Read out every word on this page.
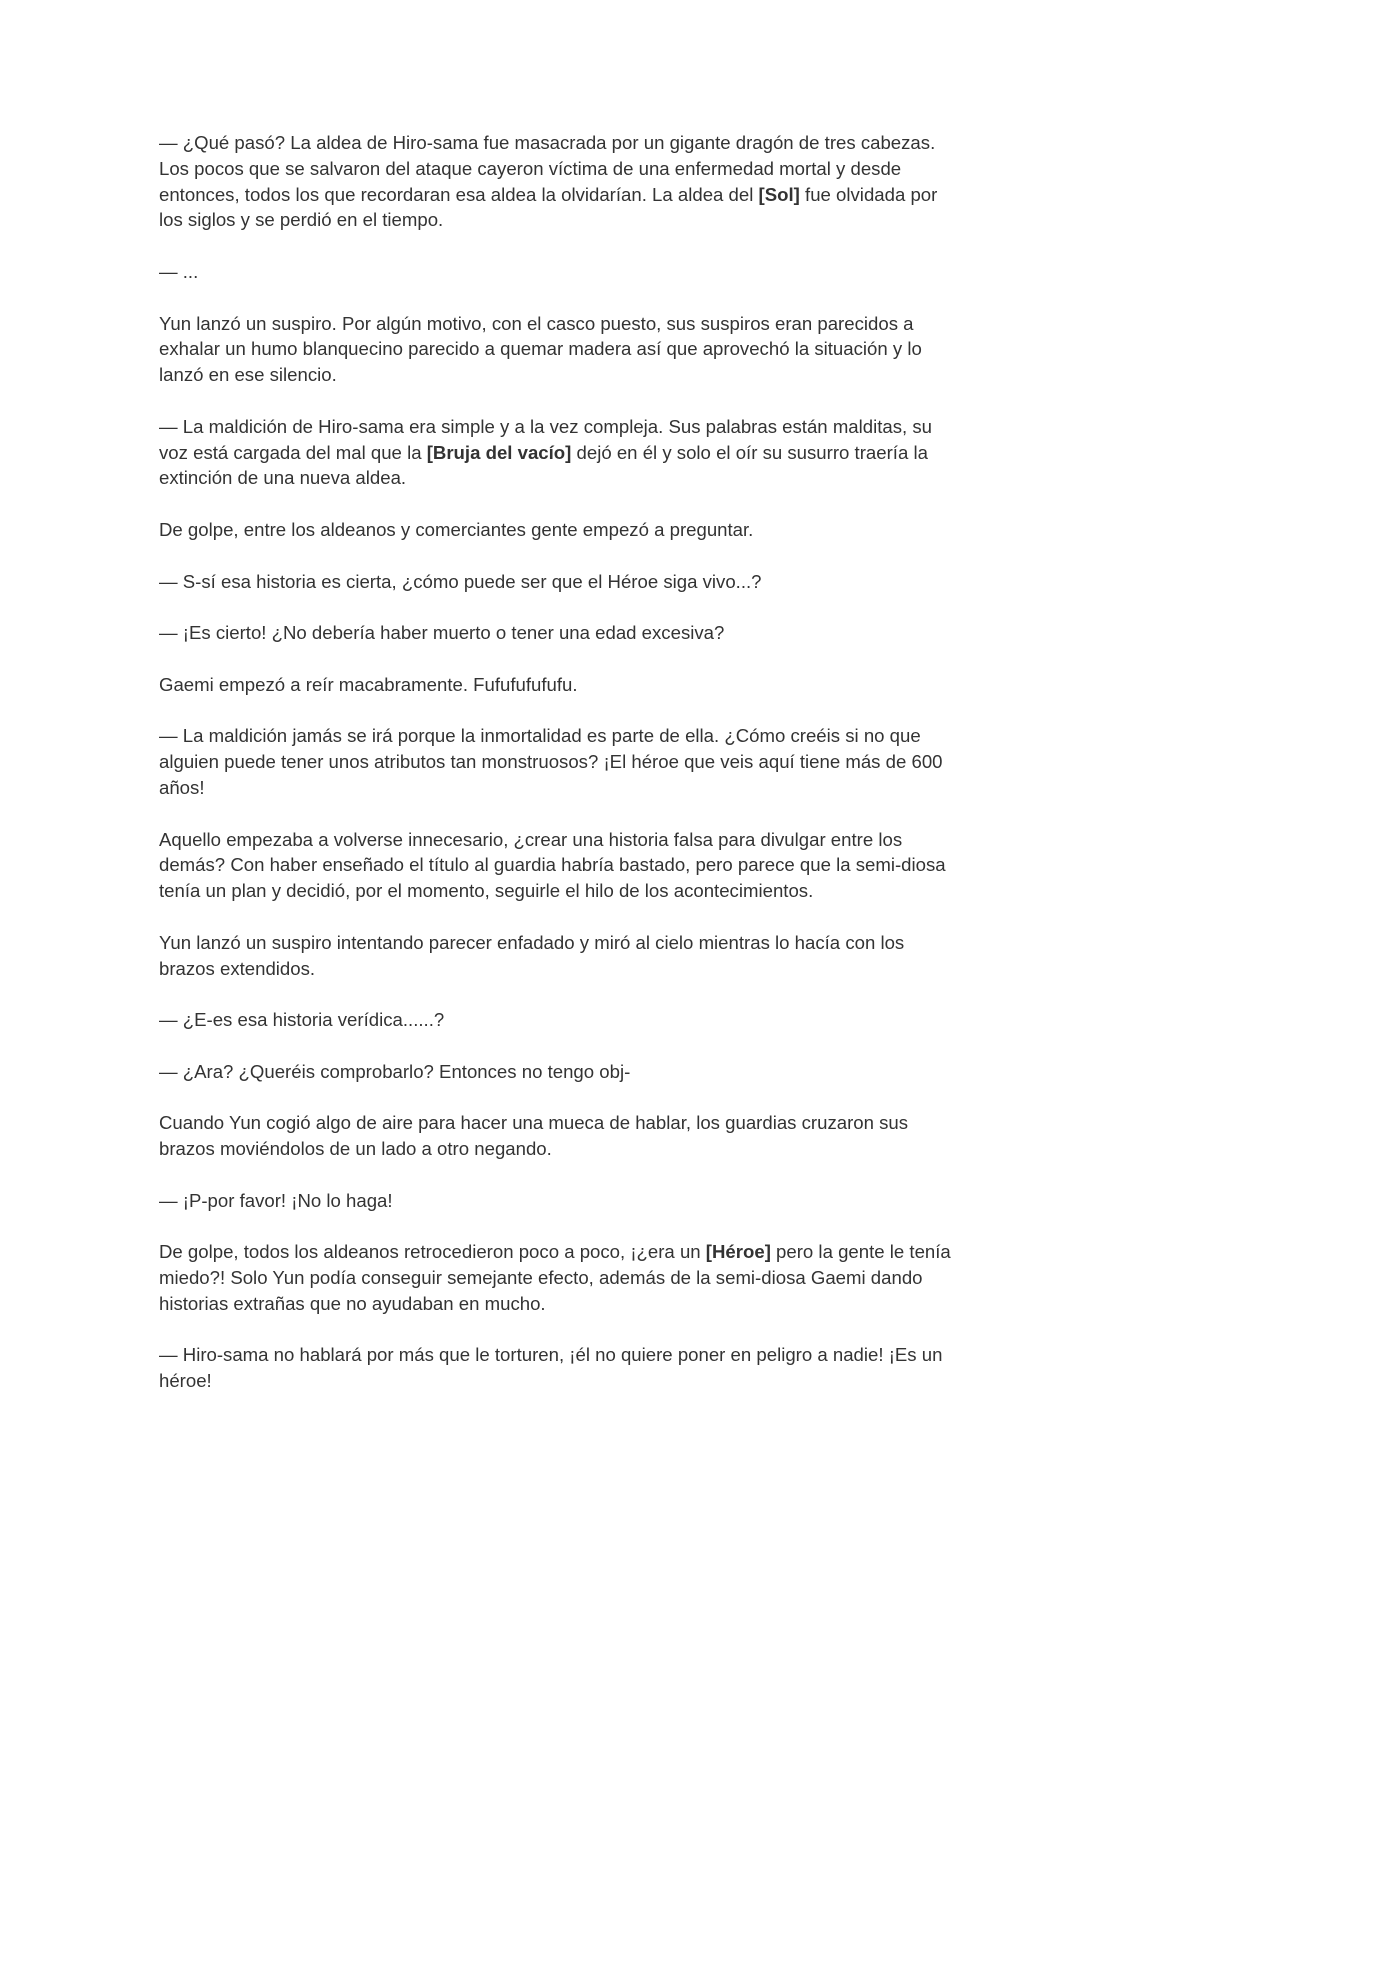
— ¿Qué pasó? La aldea de Hiro-sama fue masacrada por un gigante dragón de tres cabezas. Los pocos que se salvaron del ataque cayeron víctima de una enfermedad mortal y desde entonces, todos los que recordaran esa aldea la olvidarían. La aldea del [Sol] fue olvidada por los siglos y se perdió en el tiempo.

— ...

Yun lanzó un suspiro. Por algún motivo, con el casco puesto, sus suspiros eran parecidos a exhalar un humo blanquecino parecido a quemar madera así que aprovechó la situación y lo lanzó en ese silencio.

— La maldición de Hiro-sama era simple y a la vez compleja. Sus palabras están malditas, su voz está cargada del mal que la [Bruja del vacío] dejó en él y solo el oír su susurro traería la extinción de una nueva aldea.

De golpe, entre los aldeanos y comerciantes gente empezó a preguntar.

— S-sí esa historia es cierta, ¿cómo puede ser que el Héroe siga vivo...?

— ¡Es cierto! ¿No debería haber muerto o tener una edad excesiva?

Gaemi empezó a reír macabramente. Fufufufufufu.

— La maldición jamás se irá porque la inmortalidad es parte de ella. ¿Cómo creéis si no que alguien puede tener unos atributos tan monstruosos? ¡El héroe que veis aquí tiene más de 600 años!

Aquello empezaba a volverse innecesario, ¿crear una historia falsa para divulgar entre los demás? Con haber enseñado el título al guardia habría bastado, pero parece que la semi-diosa tenía un plan y decidió, por el momento, seguirle el hilo de los acontecimientos.

Yun lanzó un suspiro intentando parecer enfadado y miró al cielo mientras lo hacía con los brazos extendidos.

— ¿E-es esa historia verídica......?

— ¿Ara? ¿Queréis comprobarlo? Entonces no tengo obj-

Cuando Yun cogió algo de aire para hacer una mueca de hablar, los guardias cruzaron sus brazos moviéndolos de un lado a otro negando.

— ¡P-por favor! ¡No lo haga!

De golpe, todos los aldeanos retrocedieron poco a poco, ¡¿era un [Héroe] pero la gente le tenía miedo?! Solo Yun podía conseguir semejante efecto, además de la semi-diosa Gaemi dando historias extrañas que no ayudaban en mucho.

— Hiro-sama no hablará por más que le torturen, ¡él no quiere poner en peligro a nadie! ¡Es un héroe!
